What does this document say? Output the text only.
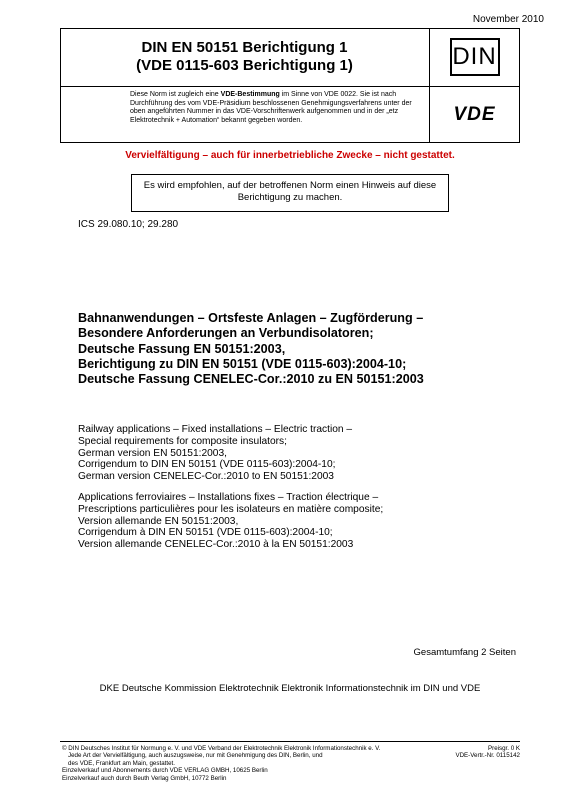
November 2010
DIN EN 50151 Berichtigung 1
(VDE 0115-603 Berichtigung 1)	DIN
Diese Norm ist zugleich eine VDE-Bestimmung im Sinne von VDE 0022. Sie ist nach Durchführung des vom VDE-Präsidium beschlossenen Genehmigungsverfahrens unter der oben angeführten Nummer in das VDE-Vorschriftenwerk aufgenommen und in der „etz Elektrotechnik + Automation“ bekannt gegeben worden.	VDE
Vervielfältigung – auch für innerbetriebliche Zwecke – nicht gestattet.
Es wird empfohlen, auf der betroffenen Norm einen Hinweis auf diese Berichtigung zu machen.
ICS 29.080.10; 29.280
Bahnanwendungen – Ortsfeste Anlagen – Zugförderung –
Besondere Anforderungen an Verbundisolatoren;
Deutsche Fassung EN 50151:2003,
Berichtigung zu DIN EN 50151 (VDE 0115-603):2004-10;
Deutsche Fassung CENELEC-Cor.:2010 zu EN 50151:2003
Railway applications – Fixed installations – Electric traction –
Special requirements for composite insulators;
German version EN 50151:2003,
Corrigendum to DIN EN 50151 (VDE 0115-603):2004-10;
German version CENELEC-Cor.:2010 to EN 50151:2003
Applications ferroviaires – Installations fixes – Traction électrique –
Prescriptions particulières pour les isolateurs en matière composite;
Version allemande EN 50151:2003,
Corrigendum à DIN EN 50151 (VDE 0115-603):2004-10;
Version allemande CENELEC-Cor.:2010 à la EN 50151:2003
Gesamtumfang 2 Seiten
DKE Deutsche Kommission Elektrotechnik Elektronik Informationstechnik im DIN und VDE
© DIN Deutsches Institut für Normung e. V. und VDE Verband der Elektrotechnik Elektronik Informationstechnik e. V.
Jede Art der Vervielfältigung, auch auszugsweise, nur mit Genehmigung des DIN, Berlin, und
des VDE, Frankfurt am Main, gestattet.
Einzelverkauf und Abonnements durch VDE VERLAG GMBH, 10625 Berlin
Einzelverkauf auch durch Beuth Verlag GmbH, 10772 Berlin
Preisgr. 0 K
VDE-Vertr.-Nr. 0115142
